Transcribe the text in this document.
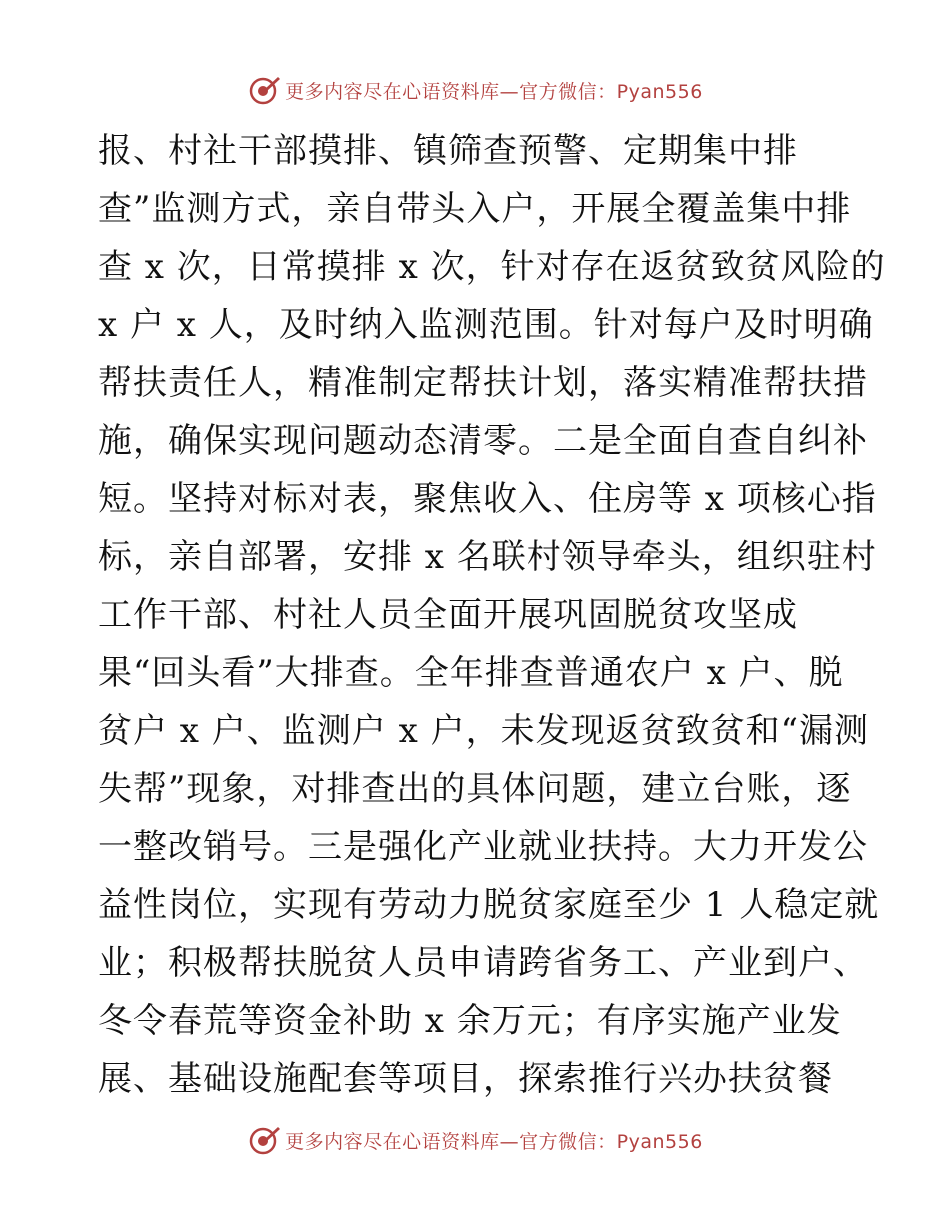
更多内容尽在心语资料库—官方微信：Pyan556
报、村社干部摸排、镇筛查预警、定期集中排
查”监测方式，亲自带头入户，开展全覆盖集中排
查 x 次，日常摸排 x 次，针对存在返贫致贫风险的
x 户 x 人，及时纳入监测范围。针对每户及时明确
帮扶责任人，精准制定帮扶计划，落实精准帮扶措
施，确保实现问题动态清零。二是全面自查自纠补
短。坚持对标对表，聚焦收入、住房等 x 项核心指
标，亲自部署，安排 x 名联村领导牵头，组织驻村
工作干部、村社人员全面开展巩固脱贫攻坚成
果“回头看”大排查。全年排查普通农户 x 户、脱
贫户 x 户、监测户 x 户，未发现返贫致贫和“漏测
失帮”现象，对排查出的具体问题，建立台账，逐
一整改销号。三是强化产业就业扶持。大力开发公
益性岗位，实现有劳动力脱贫家庭至少 1 人稳定就
业；积极帮扶脱贫人员申请跨省务工、产业到户、
冬令春荒等资金补助 x 余万元；有序实施产业发
展、基础设施配套等项目，探索推行兴办扶贫餐
更多内容尽在心语资料库—官方微信：Pyan556
